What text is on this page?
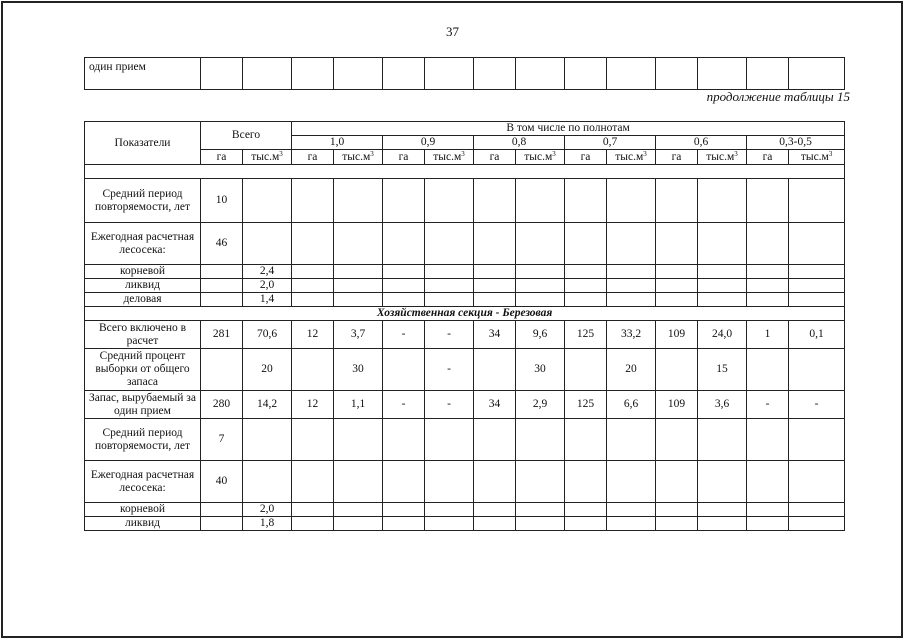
37
один прием														
продолжение таблицы 15
Показатели	Всего		В том числе по полнотам											
			1,0		0,9		0,8		0,7		0,6		0,3-0,5	
	га	$тыс.м^3$	га	$тыс.м^3$	га	$тыс.м^3$	га	$тыс.м^3$	га	$тыс.м^3$	га	$тыс.м^3$	га	$тыс.м^3$

Средний период повторяемости, лет	10													
Ежегодная расчетная лесосека:	46													
корневой		2,4												
ликвид		2,0												
деловая		1,4												
Хозяйственная секция - Березовая														
Всего включено в расчет	281	70,6	12	3,7	-	-	34	9,6	125	33,2	109	24,0	1	0,1
Средний процент выборки от общего запаса		20		30		-		30		20		15		
Запас, вырубаемый за один прием	280	14,2	12	1,1	-	-	34	2,9	125	6,6	109	3,6	-	-
Средний период повторяемости, лет	7													
Ежегодная расчетная лесосека:	40													
корневой		2,0												
ликвид		1,8												
